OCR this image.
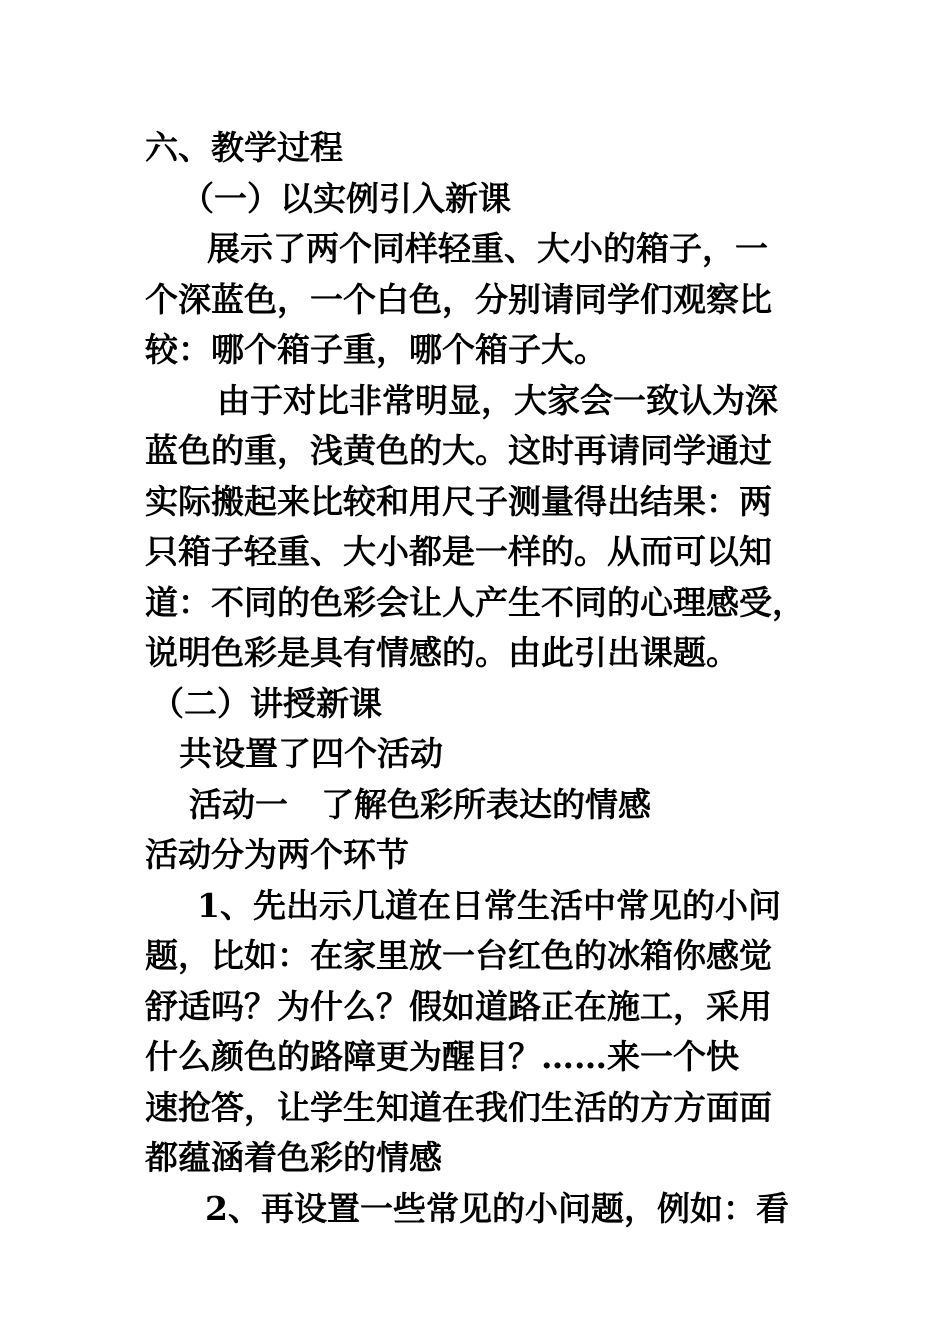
六、教学过程
（一）以实例引入新课
展示了两个同样轻重、大小的箱子，一
个深蓝色，一个白色，分别请同学们观察比
较：哪个箱子重，哪个箱子大。
由于对比非常明显，大家会一致认为深
蓝色的重，浅黄色的大。这时再请同学通过
实际搬起来比较和用尺子测量得出结果：两
只箱子轻重、大小都是一样的。从而可以知
道：不同的色彩会让人产生不同的心理感受，
说明色彩是具有情感的。由此引出课题。
（二）讲授新课
共设置了四个活动
活动一　了解色彩所表达的情感
活动分为两个环节
1、先出示几道在日常生活中常见的小问
题，比如：在家里放一台红色的冰箱你感觉
舒适吗？为什么？假如道路正在施工，采用
什么颜色的路障更为醒目？……来一个快
速抢答，让学生知道在我们生活的方方面面
都蕴涵着色彩的情感
2、再设置一些常见的小问题，例如：看
